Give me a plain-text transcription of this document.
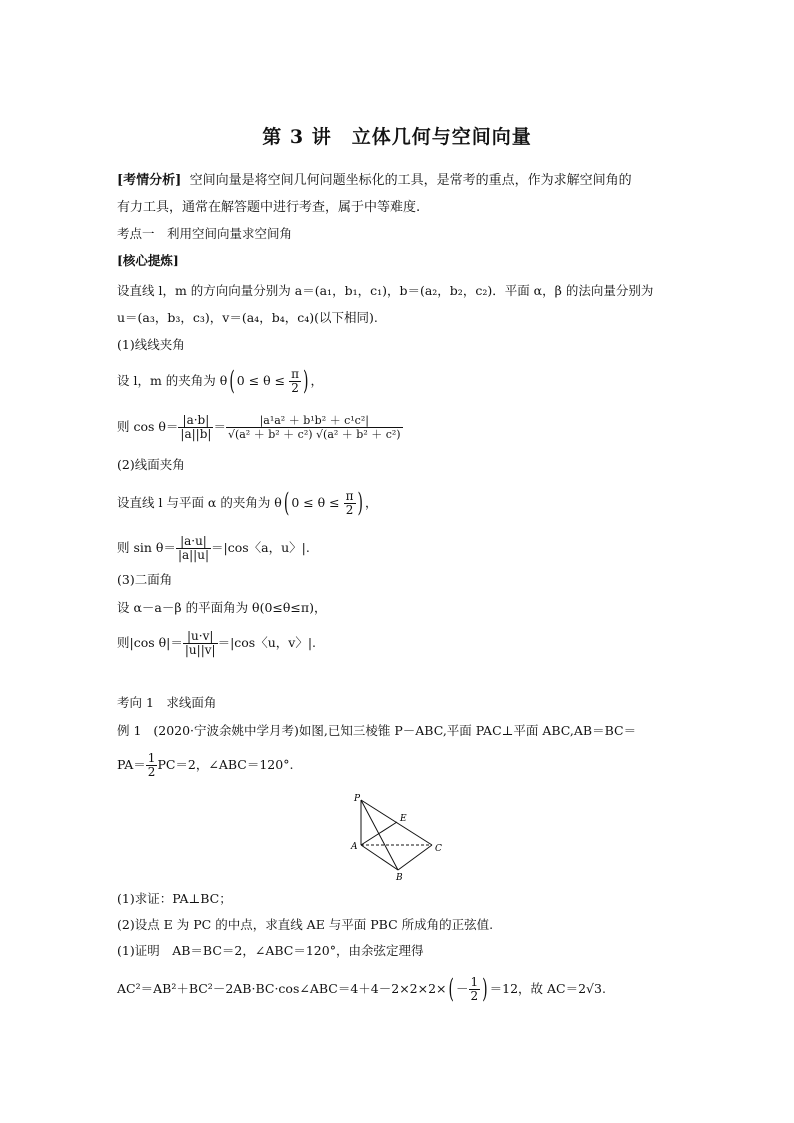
第 3 讲　立体几何与空间向量
[考情分析] 空间向量是将空间几何问题坐标化的工具，是常考的重点，作为求解空间角的
有力工具，通常在解答题中进行考查，属于中等难度.
考点一　利用空间向量求空间角
[核心提炼]
设直线 l，m 的方向向量分别为 a＝(a₁，b₁，c₁)，b＝(a₂，b₂，c₂)．平面 α，β 的法向量分别为
u＝(a₃，b₃，c₃)，v＝(a₄，b₄，c₄)(以下相同).
(1)线线夹角
设 l，m 的夹角为 θ ( $0 \le \theta \le \frac{\pi}{2}$ ) ，
则 $\cos \theta= \frac{|a\cdot b|}{|a||b|} = \frac{\text{|a¹a² ＋ b¹b² ＋ c¹c²|}}{\text{√(a² ＋ b² ＋ c²) √(a² ＋ b² ＋ c²)}}$
(2)线面夹角
设直线 l 与平面 α 的夹角为 θ ( $0 \le \theta \le \frac{\pi}{2}$ ) ，
则 $\sin \theta= \frac{|a\cdot u|}{|a||u|} =|\cos$〈a，u〉|.
(3)二面角
设 α－a－β 的平面角为 θ(0≤θ≤π)，
则|cos $\theta|= \frac{|u\cdot v|}{|u||v|} =|\cos$〈u，v〉|.
考向 1　求线面角
例 1 (2020·宁波余姚中学月考)如图,已知三棱锥 P－ABC,平面 PAC⊥平面 ABC,AB＝BC＝
$PA= \frac{1}{2} PC=2$，∠ABC＝120°.
P
E
A	C
B
(1)求证：PA⊥BC；
(2)设点 E 为 PC 的中点，求直线 AE 与平面 PBC 所成角的正弦值.
(1)证明　AB＝BC＝2，∠ABC＝120°，由余弦定理得
AC²＝AB²＋BC²－2AB·BC·cos∠ABC＝4＋4－2×2×2× ( － $\frac{1}{2}$ ) ＝12，故 AC＝2√3.
